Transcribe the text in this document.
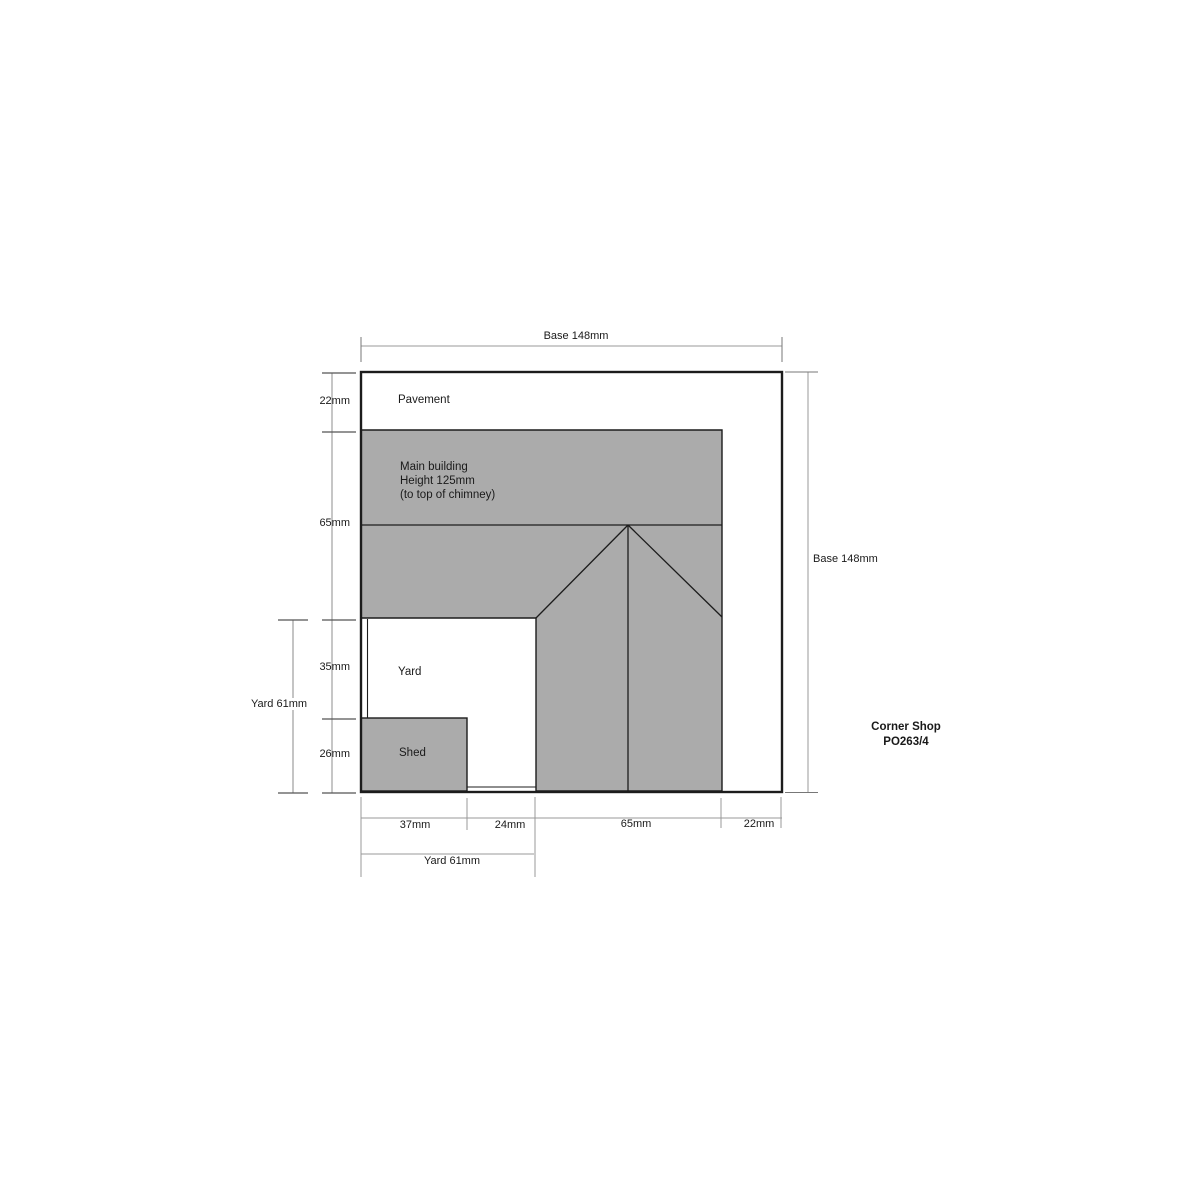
Base 148mm
Base 148mm
22mm
65mm
35mm
26mm
Yard 61mm
37mm	24mm	65mm	22mm
Yard 61mm
Pavement
Main building
Height 125mm
(to top of chimney)
Yard
Shed
Corner Shop
PO263/4
